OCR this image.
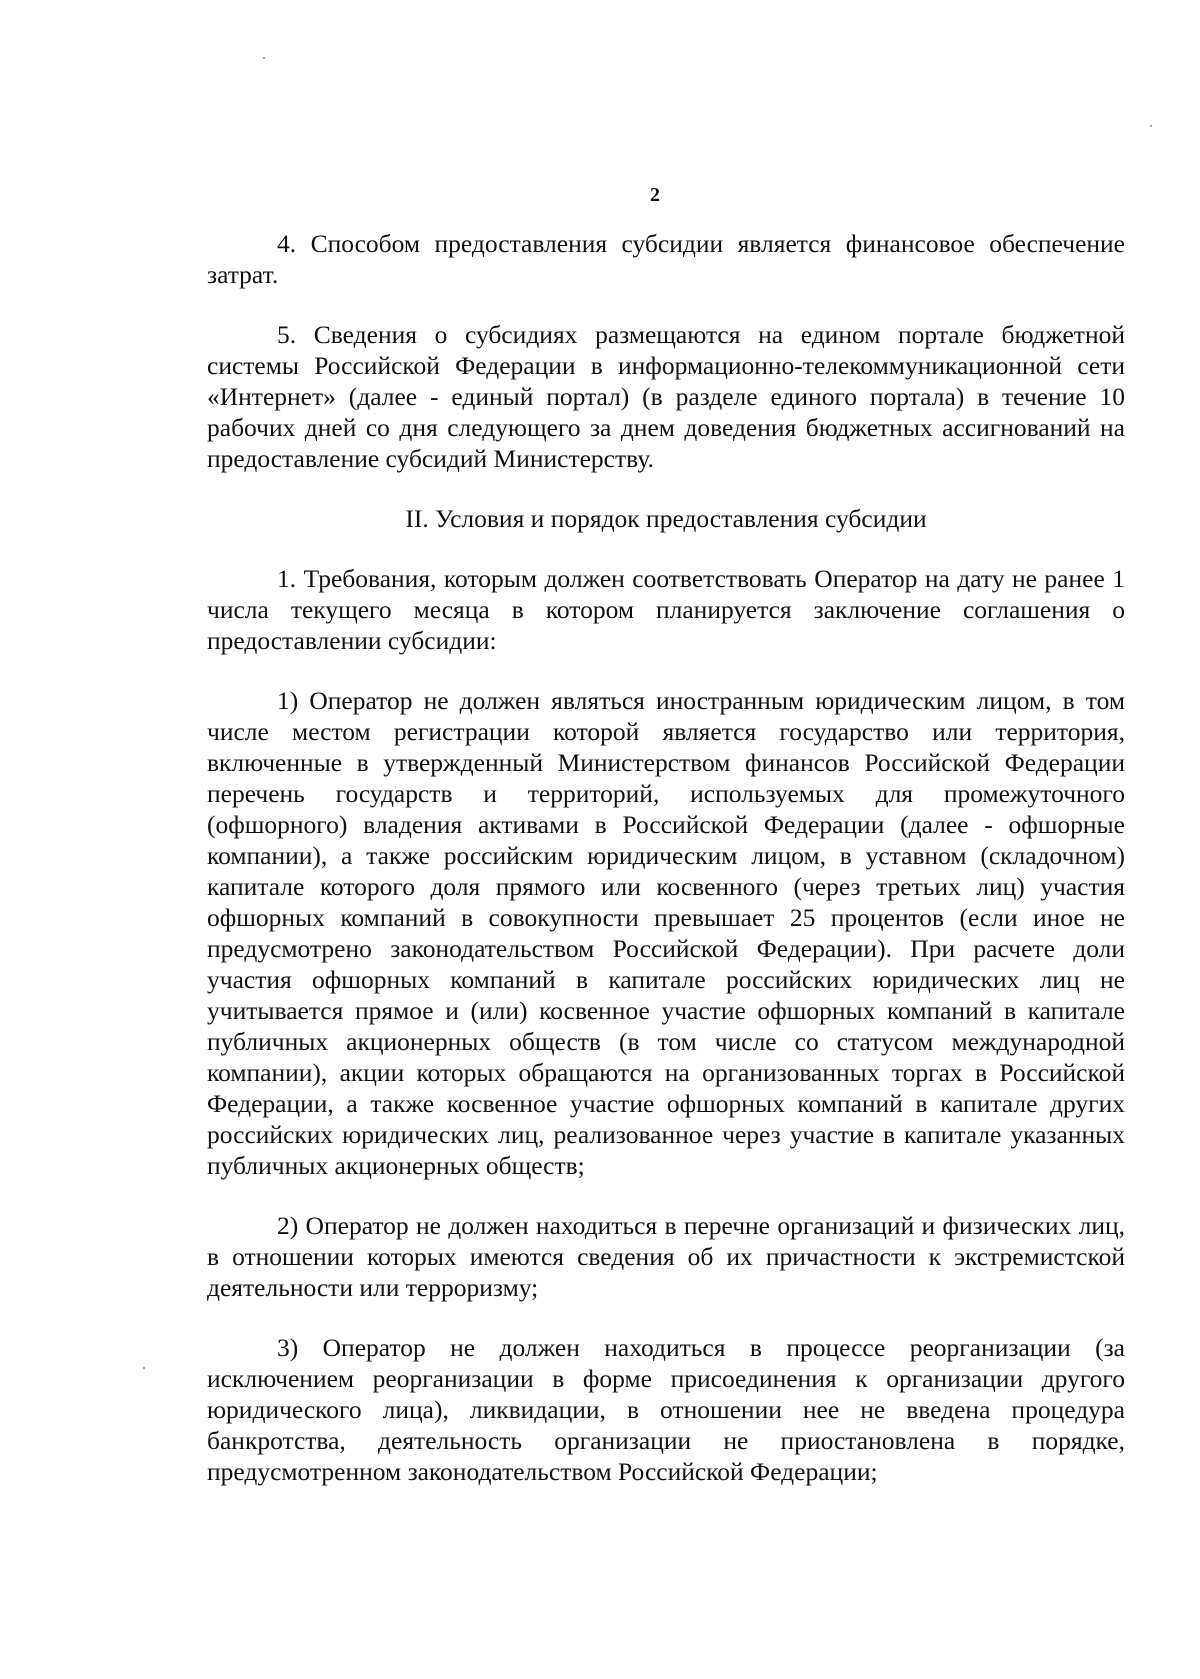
2

4. Способом предоставления субсидии является финансовое обеспечение затрат.

5. Сведения о субсидиях размещаются на едином портале бюджетной системы Российской Федерации в информационно-телекоммуникационной сети «Интернет» (далее - единый портал) (в разделе единого портала) в течение 10 рабочих дней со дня следующего за днем доведения бюджетных ассигнований на предоставление субсидий Министерству.

II. Условия и порядок предоставления субсидии

1. Требования, которым должен соответствовать Оператор на дату не ранее 1 числа текущего месяца в котором планируется заключение соглашения о предоставлении субсидии:

1) Оператор не должен являться иностранным юридическим лицом, в том числе местом регистрации которой является государство или территория, включенные в утвержденный Министерством финансов Российской Федерации перечень государств и территорий, используемых для промежуточного (офшорного) владения активами в Российской Федерации (далее - офшорные компании), а также российским юридическим лицом, в уставном (складочном) капитале которого доля прямого или косвенного (через третьих лиц) участия офшорных компаний в совокупности превышает 25 процентов (если иное не предусмотрено законодательством Российской Федерации). При расчете доли участия офшорных компаний в капитале российских юридических лиц не учитывается прямое и (или) косвенное участие офшорных компаний в капитале публичных акционерных обществ (в том числе со статусом международной компании), акции которых обращаются на организованных торгах в Российской Федерации, а также косвенное участие офшорных компаний в капитале других российских юридических лиц, реализованное через участие в капитале указанных публичных акционерных обществ;

2) Оператор не должен находиться в перечне организаций и физических лиц, в отношении которых имеются сведения об их причастности к экстремистской деятельности или терроризму;

3) Оператор не должен находиться в процессе реорганизации (за исключением реорганизации в форме присоединения к организации другого юридического лица), ликвидации, в отношении нее не введена процедура банкротства, деятельность организации не приостановлена в порядке, предусмотренном законодательством Российской Федерации;
